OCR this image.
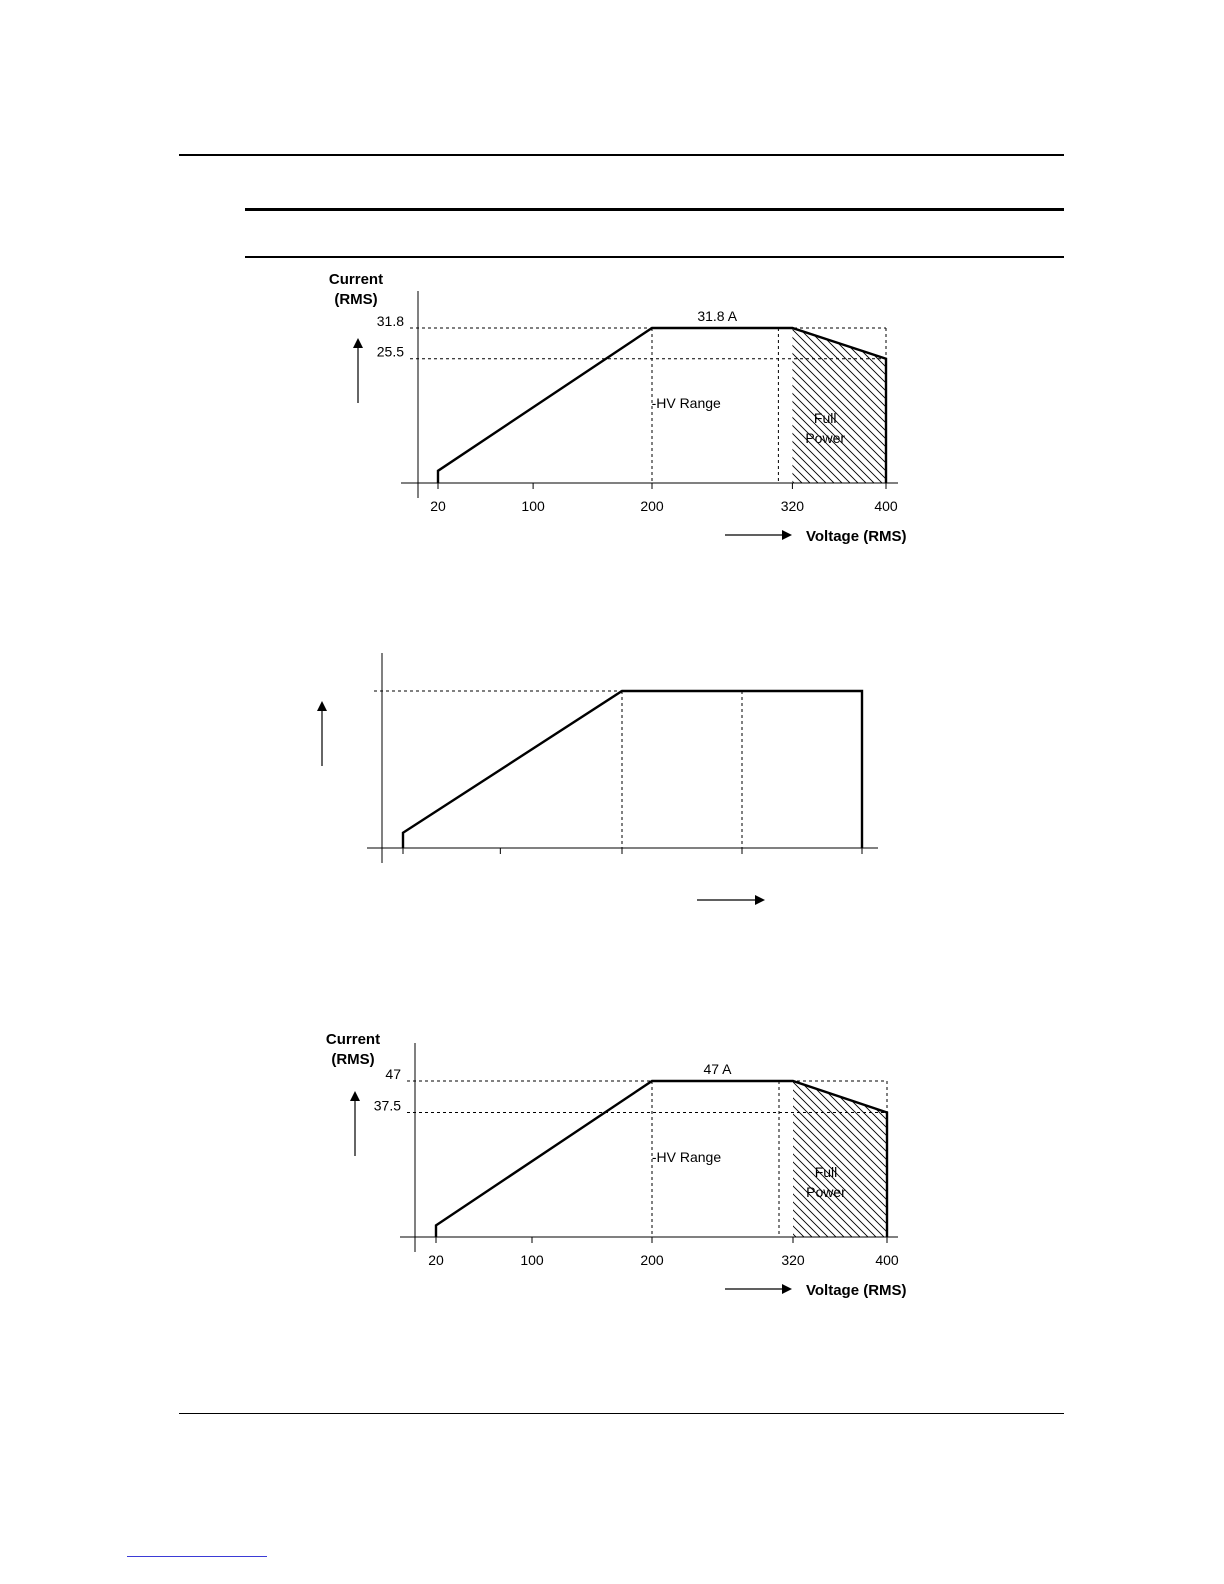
Current
(RMS)
25.5
31.8
20	100	200	320	400
Voltage (RMS)
31.8 A
-HV Range
Full
Power
Current
(RMS)
37.5
47
20	100	200	320	400
Voltage (RMS)
47 A
-HV Range
Full
Power
